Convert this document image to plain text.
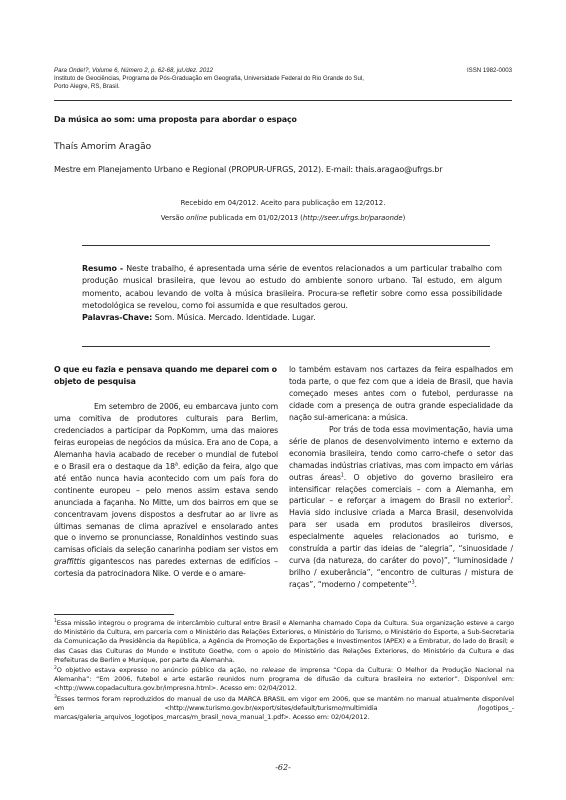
Para Onde!?, Volume 6, Número 2, p. 62-68, jul./dez. 2012	ISSN 1982-0003
Instituto de Geociências, Programa de Pós-Graduação em Geografia, Universidade Federal do Rio Grande do Sul,
Porto Alegre, RS, Brasil.
Da música ao som: uma proposta para abordar o espaço
Thaís Amorim Aragão
Mestre em Planejamento Urbano e Regional (PROPUR-UFRGS, 2012). E-mail: thais.aragao@ufrgs.br
Recebido em 04/2012. Aceito para publicação em 12/2012.
Versão online publicada em 01/02/2013 (http://seer.ufrgs.br/paraonde)

Resumo - Neste trabalho, é apresentada uma série de eventos relacionados a um particular trabalho com produção musical brasileira, que levou ao estudo do ambiente sonoro urbano. Tal estudo, em algum momento, acabou levando de volta à música brasileira. Procura-se refletir sobre como essa possibilidade metodológica se revelou, como foi assumida e que resultados gerou.

Palavras-Chave: Som. Música. Mercado. Identidade. Lugar.

O que eu fazia e pensava quando me deparei com o objeto de pesquisa

Em setembro de 2006, eu embarcava junto com uma comitiva de produtores culturais para Berlim, credenciados a participar da PopKomm, uma das maiores feiras europeias de negócios da música. Era ano de Copa, a Alemanha havia acabado de receber o mundial de futebol e o Brasil era o destaque da 18$^a$. edição da feira, algo que até então nunca havia acontecido com um país fora do continente europeu – pelo menos assim estava sendo anunciada a façanha. No Mitte, um dos bairros em que se concentravam jovens dispostos a desfrutar ao ar livre as últimas semanas de clima aprazível e ensolarado antes que o inverno se pronunciasse, Ronaldinhos vestindo suas camisas oficiais da seleção canarinha podiam ser vistos em graffittis gigantescos nas paredes externas de edifícios – cortesia da patrocinadora Nike. O verde e o amare-

lo também estavam nos cartazes da feira espalhados em toda parte, o que fez com que a ideia de Brasil, que havia começado meses antes com o futebol, perdurasse na cidade com a presença de outra grande especialidade da nação sul-americana: a música.

Por trás de toda essa movimentação, havia uma série de planos de desenvolvimento interno e externo da economia brasileira, tendo como carro-chefe o setor das chamadas indústrias criativas, mas com impacto em várias outras áreas$^1$. O objetivo do governo brasileiro era intensificar relações comerciais – com a Alemanha, em particular – e reforçar a imagem do Brasil no exterior$^2$. Havia sido inclusive criada a Marca Brasil, desenvolvida para ser usada em produtos brasileiros diversos, especialmente aqueles relacionados ao turismo, e construída a partir das ideias de “alegria”, “sinuosidade / curva (da natureza, do caráter do povo)”, “luminosidade / brilho / exuberância”, “encontro de culturas / mistura de raças”, “moderno / competente”$^3$.

$^1$Essa missão integrou o programa de intercâmbio cultural entre Brasil e Alemanha chamado Copa da Cultura. Sua organização esteve a cargo do Ministério da Cultura, em parceria com o Ministério das Relações Exteriores, o Ministério do Turismo, o Ministério do Esporte, a Sub-Secretaria da Comunicação da Presidência da República, a Agência de Promoção de Exportações e Investimentos (APEX) e a Embratur, do lado do Brasil; e das Casas das Culturas do Mundo e Instituto Goethe, com o apoio do Ministério das Relações Exteriores, do Ministério da Cultura e das Prefeituras de Berlim e Munique, por parte da Alemanha.

$^2$O objetivo estava expresso no anúncio público da ação, no release de imprensa “Copa da Cultura: O Melhor da Produção Nacional na Alemanha”: “Em 2006, futebol e arte estarão reunidos num programa de difusão da cultura brasileira no exterior”. Disponível em: <http://www.copadacultura.gov.br/impresna.html>. Acesso em: 02/04/2012.

$^3$Esses termos foram reproduzidos do manual de uso da MARCA BRASIL em vigor em 2006, que se mantém no manual atualmente disponível em <http://www.turismo.gov.br/export/sites/default/turismo/multimidia /logotipos_-marcas/galeria_arquivos_logotipos_marcas/m_brasil_nova_manual_1.pdf>. Acesso em: 02/04/2012.

-62-
